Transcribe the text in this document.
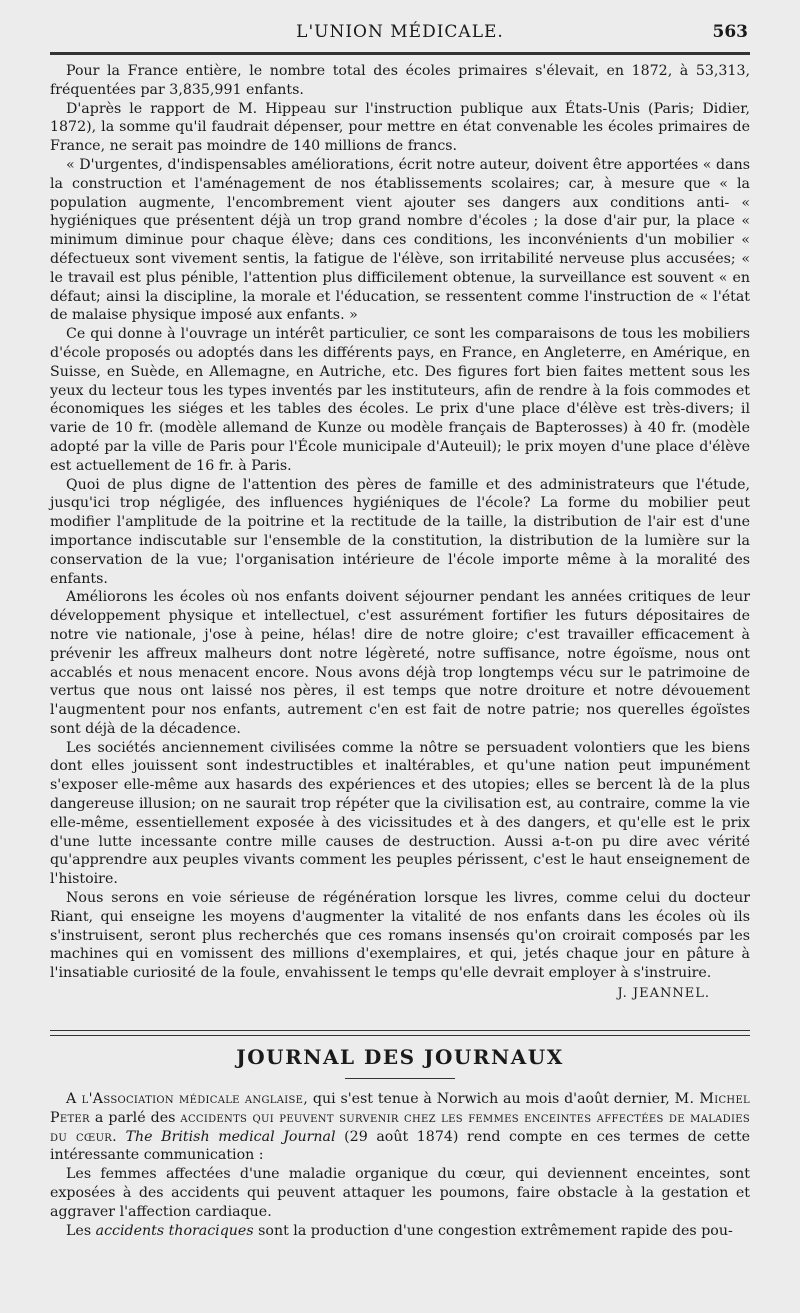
L'UNION MÉDICALE.	563

Pour la France entière, le nombre total des écoles primaires s'élevait, en 1872, à 53,313, fréquentées par 3,835,991 enfants.

D'après le rapport de M. Hippeau sur l'instruction publique aux États-Unis (Paris; Didier, 1872), la somme qu'il faudrait dépenser, pour mettre en état convenable les écoles primaires de France, ne serait pas moindre de 140 millions de francs.

« D'urgentes, d'indispensables améliorations, écrit notre auteur, doivent être apportées « dans la construction et l'aménagement de nos établissements scolaires; car, à mesure que « la population augmente, l'encombrement vient ajouter ses dangers aux conditions anti- « hygiéniques que présentent déjà un trop grand nombre d'écoles ; la dose d'air pur, la place « minimum diminue pour chaque élève; dans ces conditions, les inconvénients d'un mobilier « défectueux sont vivement sentis, la fatigue de l'élève, son irritabilité nerveuse plus accusées; « le travail est plus pénible, l'attention plus difficilement obtenue, la surveillance est souvent « en défaut; ainsi la discipline, la morale et l'éducation, se ressentent comme l'instruction de « l'état de malaise physique imposé aux enfants. »

Ce qui donne à l'ouvrage un intérêt particulier, ce sont les comparaisons de tous les mobiliers d'école proposés ou adoptés dans les différents pays, en France, en Angleterre, en Amérique, en Suisse, en Suède, en Allemagne, en Autriche, etc. Des figures fort bien faites mettent sous les yeux du lecteur tous les types inventés par les instituteurs, afin de rendre à la fois commodes et économiques les siéges et les tables des écoles. Le prix d'une place d'élève est très-divers; il varie de 10 fr. (modèle allemand de Kunze ou modèle français de Bapterosses) à 40 fr. (modèle adopté par la ville de Paris pour l'École municipale d'Auteuil); le prix moyen d'une place d'élève est actuellement de 16 fr. à Paris.

Quoi de plus digne de l'attention des pères de famille et des administrateurs que l'étude, jusqu'ici trop négligée, des influences hygiéniques de l'école? La forme du mobilier peut modifier l'amplitude de la poitrine et la rectitude de la taille, la distribution de l'air est d'une importance indiscutable sur l'ensemble de la constitution, la distribution de la lumière sur la conservation de la vue; l'organisation intérieure de l'école importe même à la moralité des enfants.

Améliorons les écoles où nos enfants doivent séjourner pendant les années critiques de leur développement physique et intellectuel, c'est assurément fortifier les futurs dépositaires de notre vie nationale, j'ose à peine, hélas! dire de notre gloire; c'est travailler efficacement à prévenir les affreux malheurs dont notre légèreté, notre suffisance, notre égoïsme, nous ont accablés et nous menacent encore. Nous avons déjà trop longtemps vécu sur le patrimoine de vertus que nous ont laissé nos pères, il est temps que notre droiture et notre dévouement l'augmentent pour nos enfants, autrement c'en est fait de notre patrie; nos querelles égoïstes sont déjà de la décadence.

Les sociétés anciennement civilisées comme la nôtre se persuadent volontiers que les biens dont elles jouissent sont indestructibles et inaltérables, et qu'une nation peut impunément s'exposer elle-même aux hasards des expériences et des utopies; elles se bercent là de la plus dangereuse illusion; on ne saurait trop répéter que la civilisation est, au contraire, comme la vie elle-même, essentiellement exposée à des vicissitudes et à des dangers, et qu'elle est le prix d'une lutte incessante contre mille causes de destruction. Aussi a-t-on pu dire avec vérité qu'apprendre aux peuples vivants comment les peuples périssent, c'est le haut enseignement de l'histoire.

Nous serons en voie sérieuse de régénération lorsque les livres, comme celui du docteur Riant, qui enseigne les moyens d'augmenter la vitalité de nos enfants dans les écoles où ils s'instruisent, seront plus recherchés que ces romans insensés qu'on croirait composés par les machines qui en vomissent des millions d'exemplaires, et qui, jetés chaque jour en pâture à l'insatiable curiosité de la foule, envahissent le temps qu'elle devrait employer à s'instruire.

J. JEANNEL.
JOURNAL DES JOURNAUX

A l'Association médicale anglaise, qui s'est tenue à Norwich au mois d'août dernier, M. Michel Peter a parlé des accidents qui peuvent survenir chez les femmes enceintes affectées de maladies du cœur. The British medical Journal (29 août 1874) rend compte en ces termes de cette intéressante communication :

Les femmes affectées d'une maladie organique du cœur, qui deviennent enceintes, sont exposées à des accidents qui peuvent attaquer les poumons, faire obstacle à la gestation et aggraver l'affection cardiaque.

Les accidents thoraciques sont la production d'une congestion extrêmement rapide des pou-
